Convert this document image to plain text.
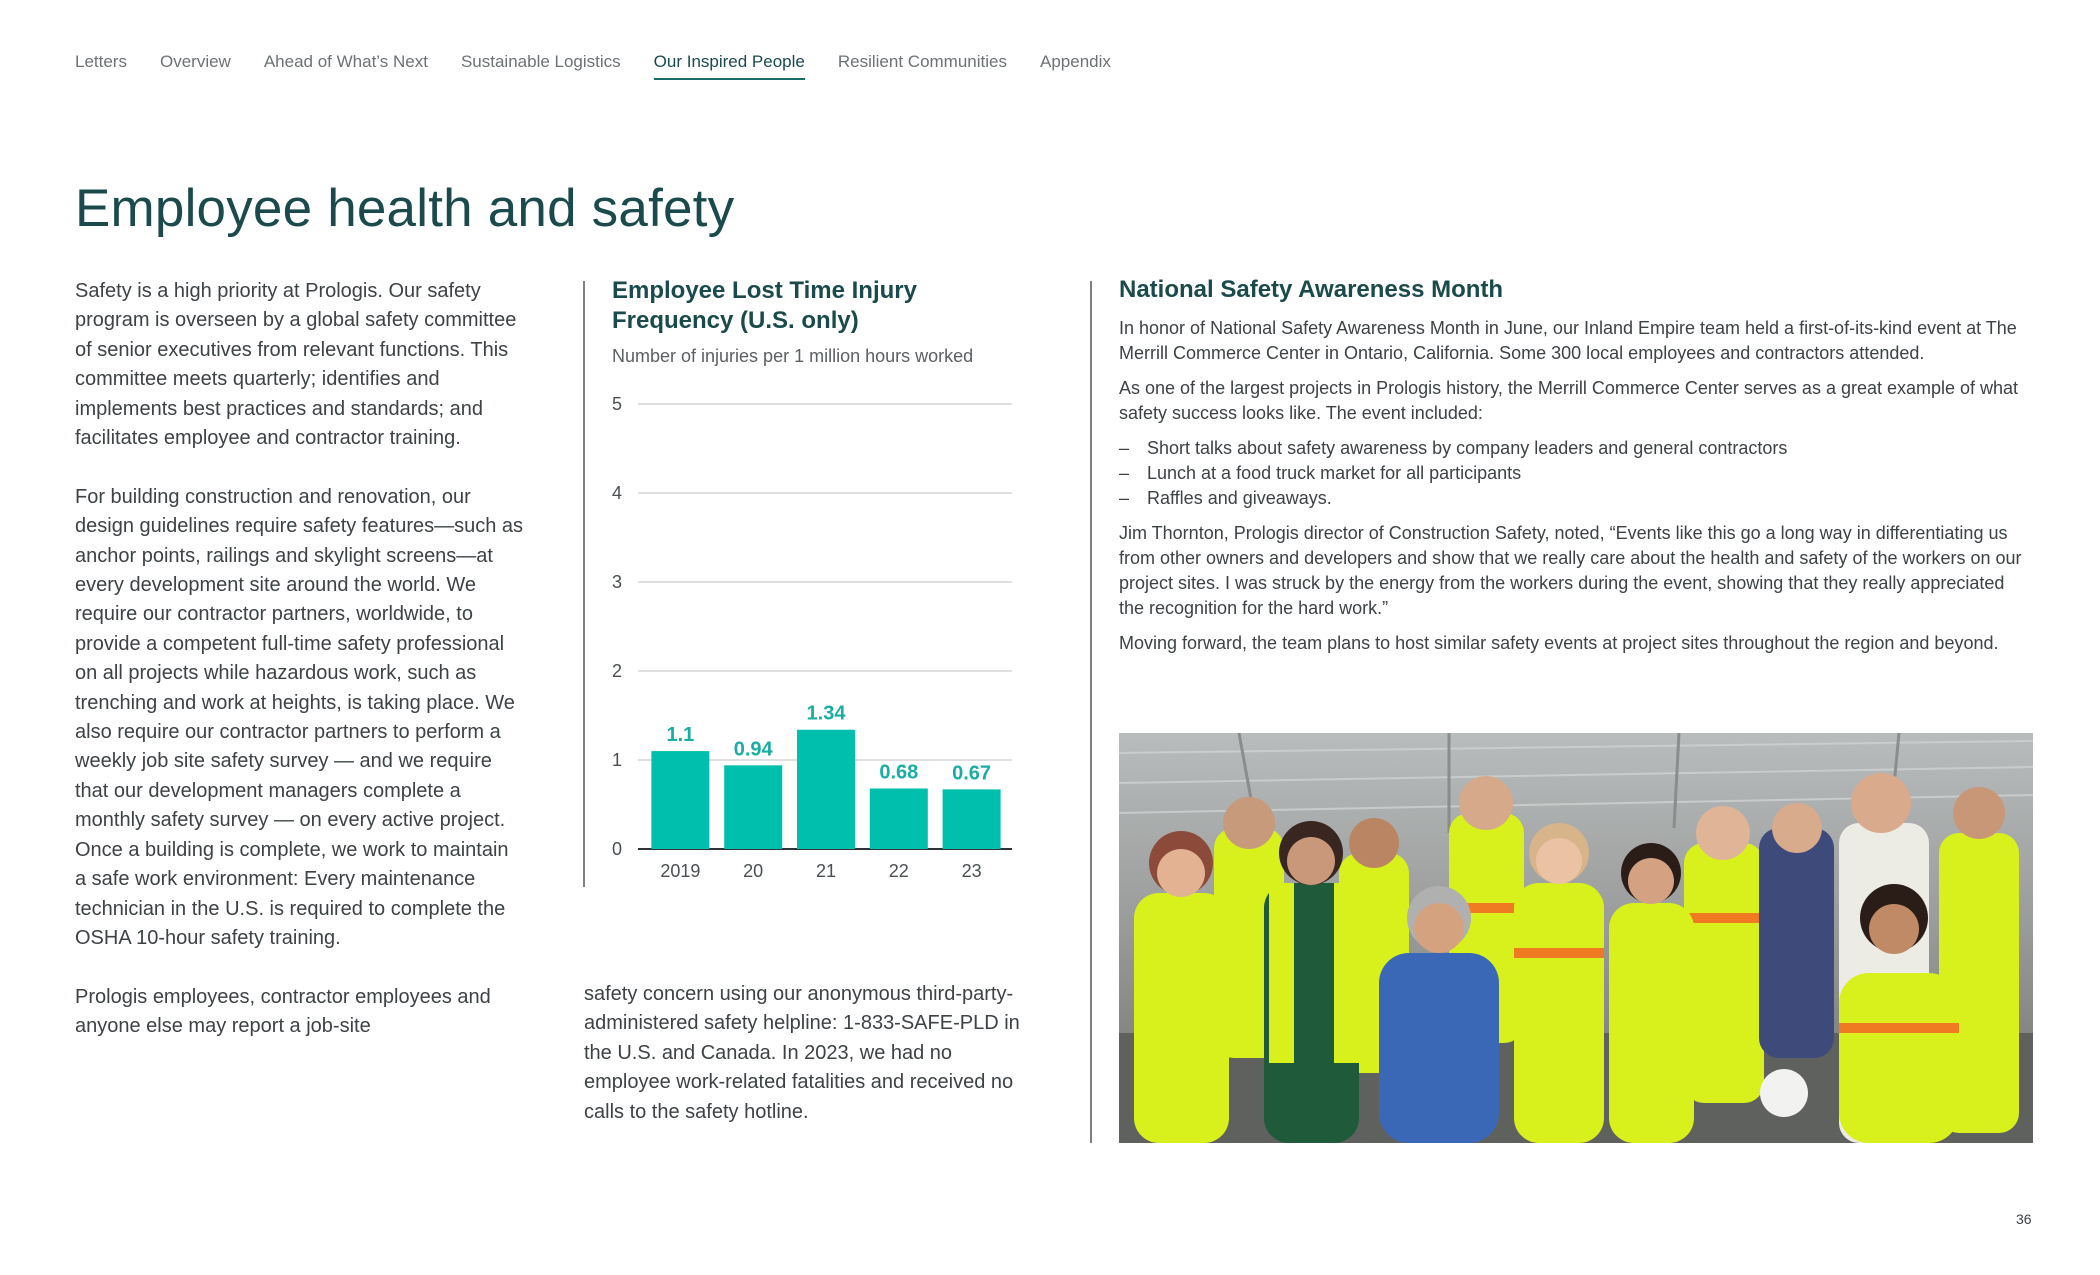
Letters Overview Ahead of What’s Next Sustainable Logistics Our Inspired People Resilient Communities Appendix
Employee health and safety

Safety is a high priority at Prologis. Our safety program is overseen by a global safety committee of senior executives from relevant functions. This committee meets quarterly; identifies and implements best practices and standards; and facilitates employee and contractor training.

For building construction and renovation, our design guidelines require safety features—such as anchor points, railings and skylight screens—at every development site around the world. We require our contractor partners, worldwide, to provide a competent full-time safety professional on all projects while hazardous work, such as trenching and work at heights, is taking place. We also require our contractor partners to perform a weekly job site safety survey — and we require that our development managers complete a monthly safety survey — on every active project. Once a building is complete, we work to maintain a safe work environment: Every maintenance technician in the U.S. is required to complete the OSHA 10-hour safety training.

Prologis employees, contractor employees and anyone else may report a job-site

Employee Lost Time Injury Frequency (U.S. only)
Number of injuries per 1 million hours worked
0
1
2
3
4
5
1.1
2019
0.94
20
1.34
21
0.68
22
0.67
23

safety concern using our anonymous third-party-administered safety helpline: 1-833-SAFE-PLD in the U.S. and Canada. In 2023, we had no employee work-related fatalities and received no calls to the safety hotline.

National Safety Awareness Month

In honor of National Safety Awareness Month in June, our Inland Empire team held a first-of-its-kind event at The Merrill Commerce Center in Ontario, California. Some 300 local employees and contractors attended.

As one of the largest projects in Prologis history, the Merrill Commerce Center serves as a great example of what safety success looks like. The event included:

– Short talks about safety awareness by company leaders and general contractors
– Lunch at a food truck market for all participants
– Raffles and giveaways.

Jim Thornton, Prologis director of Construction Safety, noted, “Events like this go a long way in differentiating us from other owners and developers and show that we really care about the health and safety of the workers on our project sites. I was struck by the energy from the workers during the event, showing that they really appreciated the recognition for the hard work.”

Moving forward, the team plans to host similar safety events at project sites throughout the region and beyond.

36
